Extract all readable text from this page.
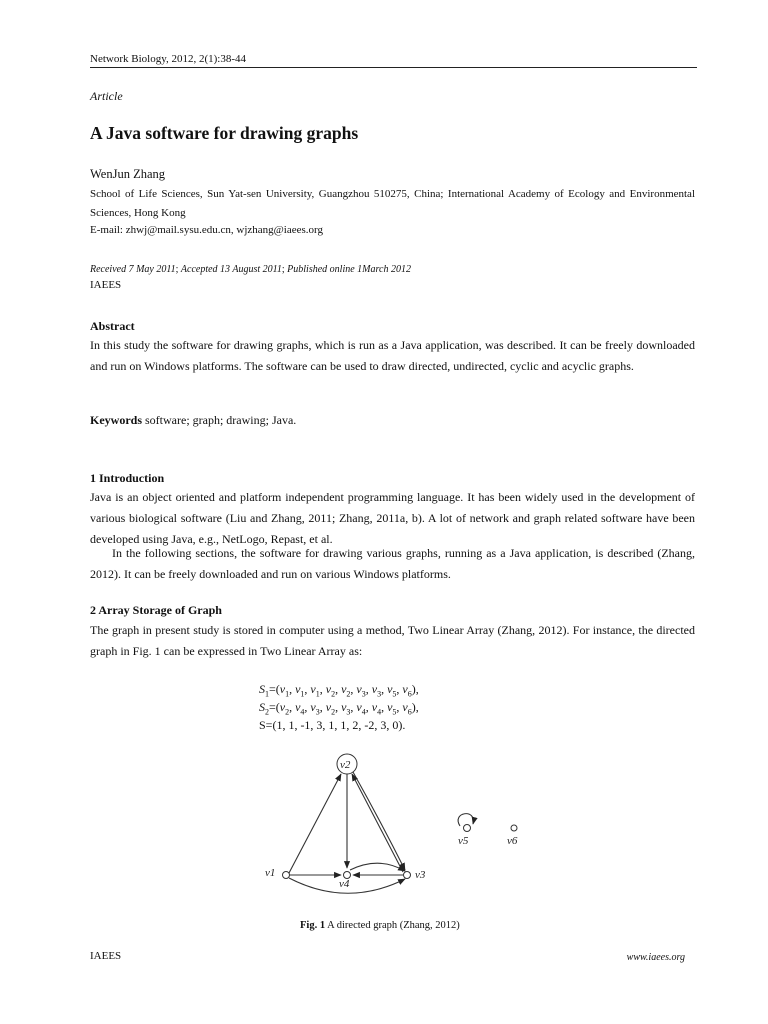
Network Biology, 2012, 2(1):38-44
Article
A Java software for drawing graphs
WenJun Zhang
School of Life Sciences, Sun Yat-sen University, Guangzhou 510275, China; International Academy of Ecology and Environmental Sciences, Hong Kong
E-mail: zhwj@mail.sysu.edu.cn, wjzhang@iaees.org
Received 7 May 2011; Accepted 13 August 2011; Published online 1March 2012
IAEES
Abstract
In this study the software for drawing graphs, which is run as a Java application, was described. It can be freely downloaded and run on Windows platforms. The software can be used to draw directed, undirected, cyclic and acyclic graphs.
Keywords software; graph; drawing; Java.
1 Introduction
Java is an object oriented and platform independent programming language. It has been widely used in the development of various biological software (Liu and Zhang, 2011; Zhang, 2011a, b). A lot of network and graph related software have been developed using Java, e.g., NetLogo, Repast, et al.
In the following sections, the software for drawing various graphs, running as a Java application, is described (Zhang, 2012). It can be freely downloaded and run on various Windows platforms.
2 Array Storage of Graph
The graph in present study is stored in computer using a method, Two Linear Array (Zhang, 2012). For instance, the directed graph in Fig. 1 can be expressed in Two Linear Array as:
$S_1=(v_1$, $v_1$, $v_1$, $v_2$, $v_2$, $v_3$, $v_3$, $v_5$, $v_6$),
$S_2=(v_2$, $v_4$, $v_3$, $v_2$, $v_3$, $v_4$, $v_4$, $v_5$, $v_6$),
S=(1, 1, -1, 3, 1, 1, 2, -2, 3, 0).
v2
v1
v4
v3
v5	v6
Fig. 1 A directed graph (Zhang, 2012)
IAEES	www.iaees.org
